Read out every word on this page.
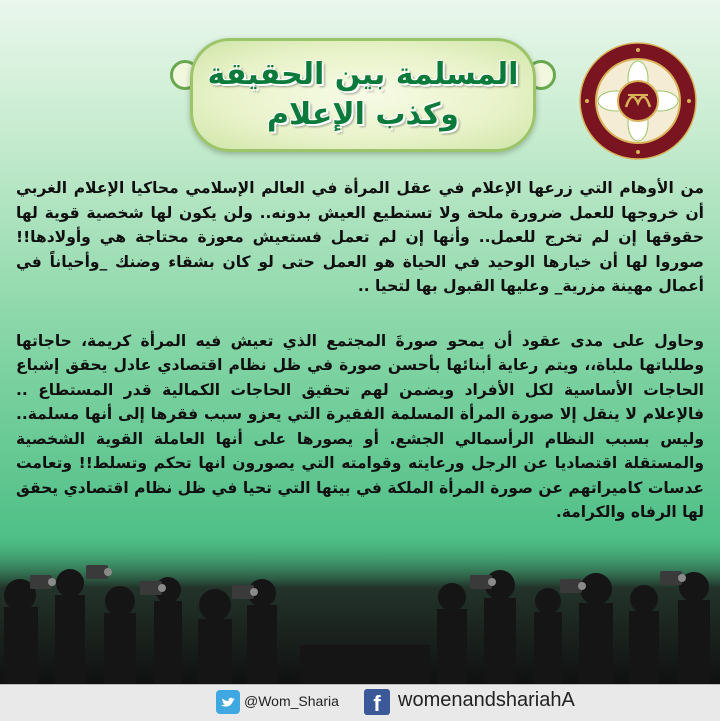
المسلمة بين الحقيقة
وكذب الإعلام

من الأوهام التي زرعها الإعلام في عقل المرأة في العالم الإسلامي محاكيا الإعلام الغربي أن خروجها للعمل ضرورة ملحة ولا تستطيع العيش بدونه.. ولن يكون لها شخصية قوية لها حقوقها إن لم تخرج للعمل.. وأنها إن لم تعمل فستعيش معوزة محتاجة هي وأولادها!! صوروا لها أن خيارها الوحيد في الحياة هو العمل حتى لو كان بشقاء وضنك _وأحياناً في أعمال مهينة مزرية_ وعليها القبول بها لتحيا ..

وحاول على مدى عقود أن يمحو صورةَ المجتمع الذي تعيش فيه المرأة كريمة، حاجاتها وطلباتها ملباة،، ويتم رعاية أبنائها بأحسن صورة في ظل نظام اقتصادي عادل يحقق إشباع الحاجات الأساسية لكل الأفراد ويضمن لهم تحقيق الحاجات الكمالية قدر المستطاع .. فالإعلام لا ينقل إلا صورة المرأة المسلمة الفقيرة التي يعزو سبب فقرها إلى أنها مسلمة.. وليس بسبب النظام الرأسمالي الجشع. أو يصورها على أنها العاملة القوية الشخصية والمستقلة اقتصاديا عن الرجل ورعايته وقوامته التي يصورون انها تحكم وتسلط!! وتعامت عدسات كاميراتهم عن صورة المرأة الملكة في بيتها التي تحيا في ظل نظام اقتصادي يحقق لها الرفاه والكرامة.

@Wom_Sharia	f womenandshariahA
